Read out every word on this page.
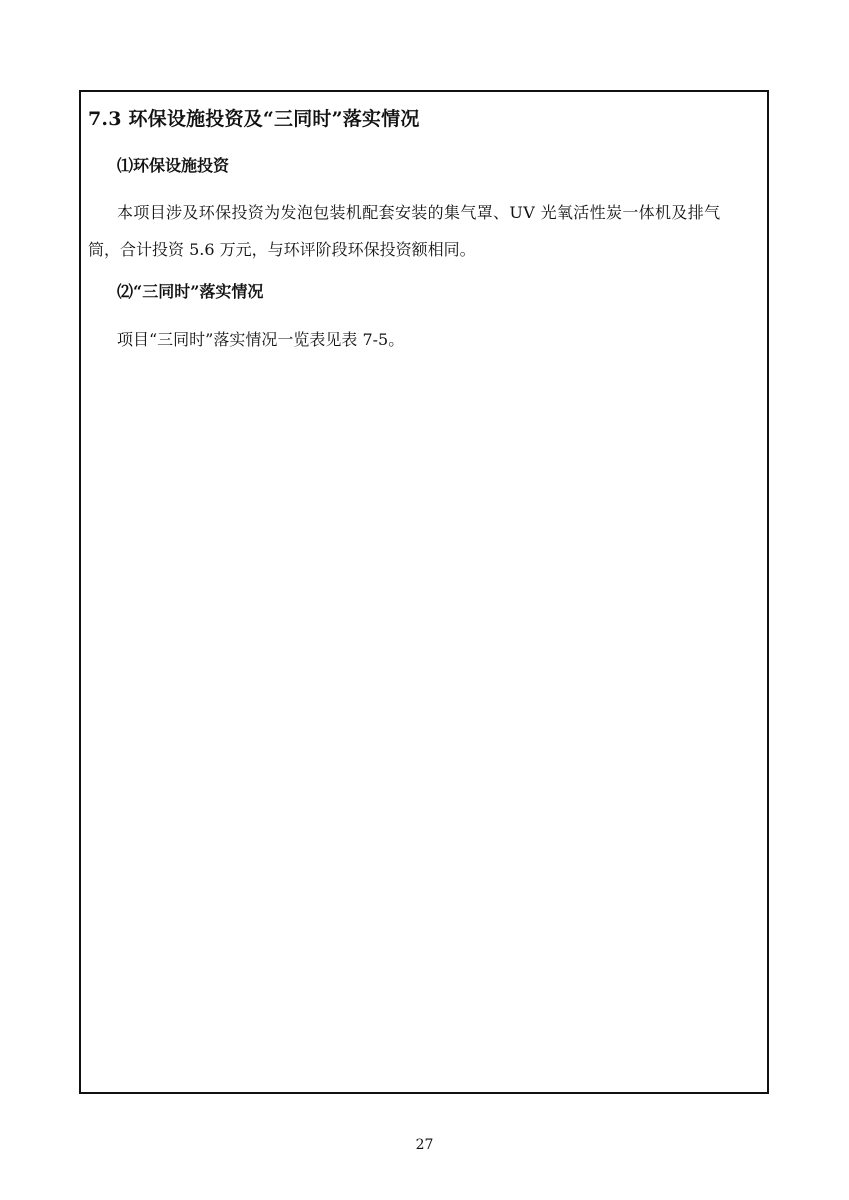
7.3 环保设施投资及“三同时”落实情况
⑴环保设施投资
本项目涉及环保投资为发泡包装机配套安装的集气罩、UV 光氧活性炭一体机及排气
筒，合计投资 5.6 万元，与环评阶段环保投资额相同。
⑵“三同时”落实情况
项目“三同时”落实情况一览表见表 7-5。
27
